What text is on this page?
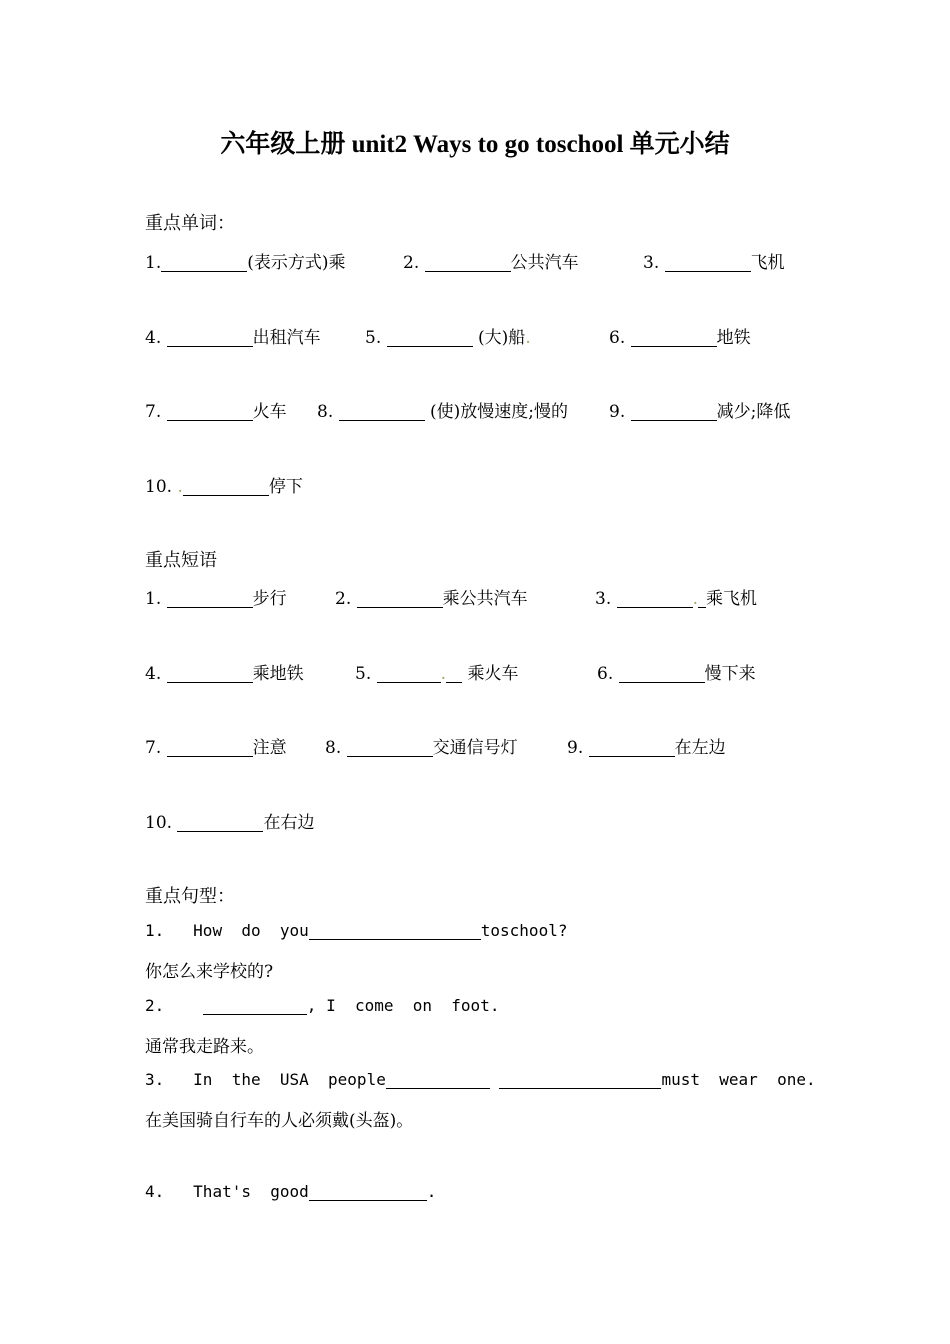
六年级上册 unit2 Ways to go toschool 单元小结
重点单词：
1.	(表示方式)乘	2.	公共汽车	3.	飞机
4.	出租汽车	5.	(大)船.	6.	地铁
7.	火车 8.	(使)放慢速度;慢的 9.	减少;降低
10. .	停下
重点短语
1.	步行	2.	乘公共汽车	3.	. 乘飞机
4.	乘地铁	5.	. 乘火车	6.	慢下来
7.	注意 8.	交通信号灯	9.	在左边
10.	在右边
重点句型：
1. How  do  you	toschool?
你怎么来学校的?
2.	, I  come  on  foot.
通常我走路来。
3. In  the  USA  people	must  wear  one.
在美国骑自行车的人必须戴(头盔)。
4. That's  good	.
